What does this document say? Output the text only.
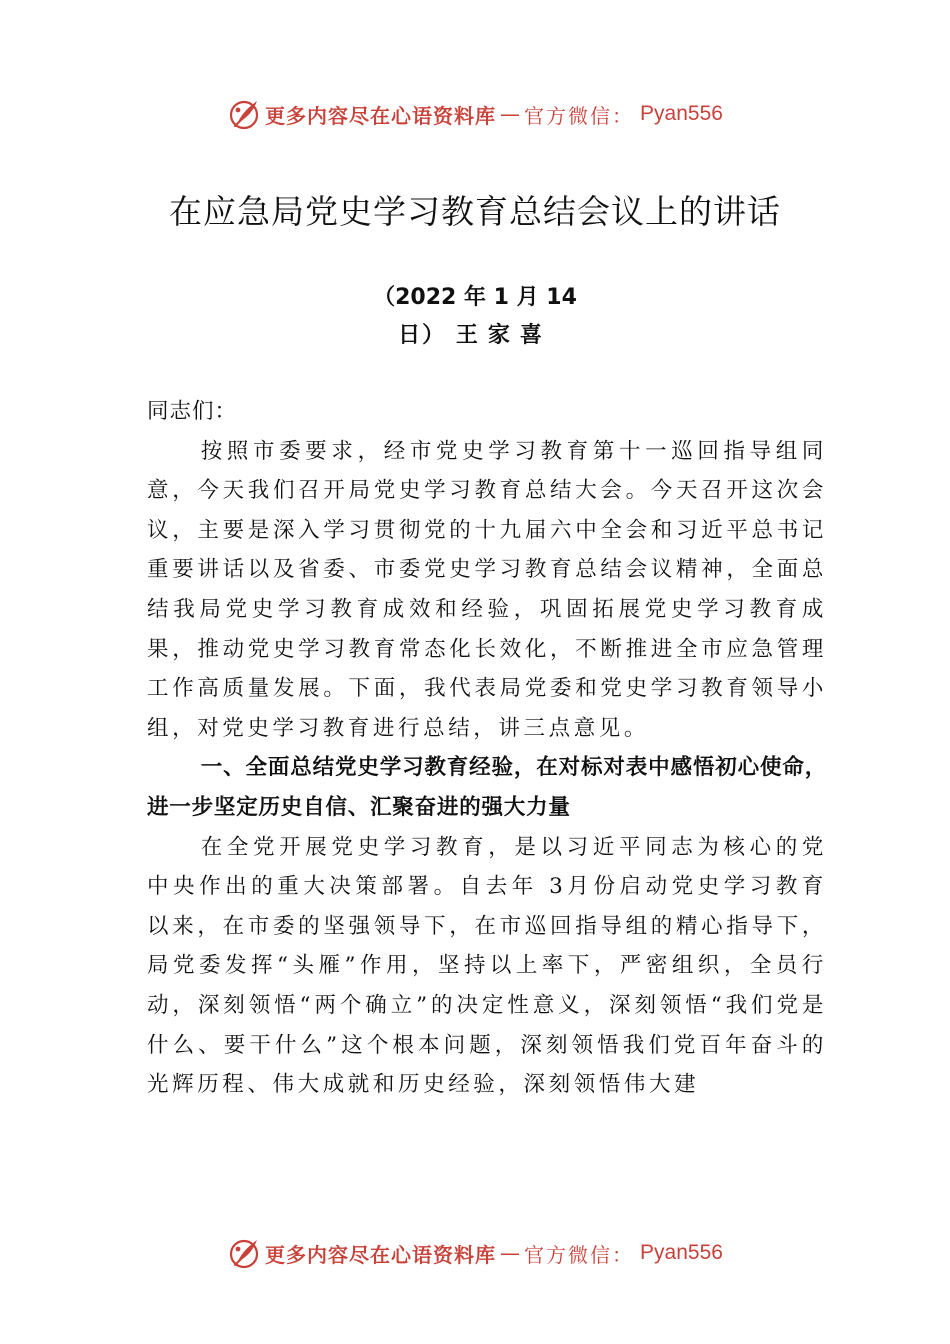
更多内容尽在心语资料库 — 官方微信： Pyan556
在应急局党史学习教育总结会议上的讲话
（2022 年 1 月 14
日） 王家喜

同志们：

按照市委要求，经市党史学习教育第十一巡回指导组同意，今天我们召开局党史学习教育总结大会。今天召开这次会议，主要是深入学习贯彻党的十九届六中全会和习近平总书记重要讲话以及省委、市委党史学习教育总结会议精神，全面总结我局党史学习教育成效和经验，巩固拓展党史学习教育成果，推动党史学习教育常态化长效化，不断推进全市应急管理工作高质量发展。下面，我代表局党委和党史学习教育领导小组，对党史学习教育进行总结，讲三点意见。

一、全面总结党史学习教育经验，在对标对表中感悟初心使命，进一步坚定历史自信、汇聚奋进的强大力量

在全党开展党史学习教育，是以习近平同志为核心的党中央作出的重大决策部署。自去年 3月份启动党史学习教育以来，在市委的坚强领导下，在市巡回指导组的精心指导下，局党委发挥“头雁”作用，坚持以上率下，严密组织，全员行动，深刻领悟“两个确立”的决定性意义，深刻领悟“我们党是什么、要干什么”这个根本问题，深刻领悟我们党百年奋斗的光辉历程、伟大成就和历史经验，深刻领悟伟大建

更多内容尽在心语资料库 — 官方微信： Pyan556
